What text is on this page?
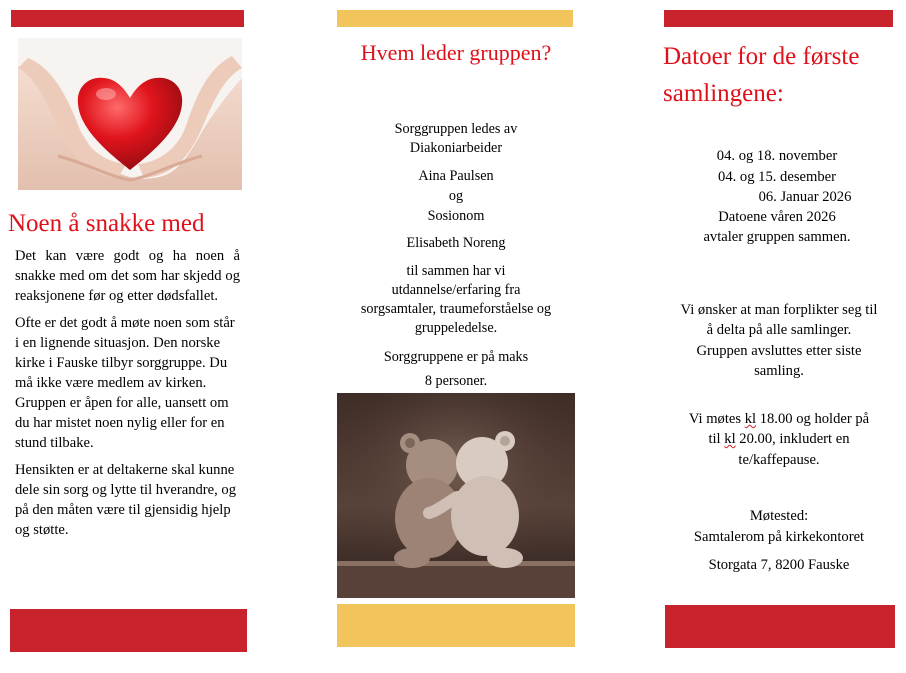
Noen å snakke med

Det kan være godt og ha noen å snakke med om det som har skjedd og reaksjonene før og etter dødsfallet.

Ofte er det godt å møte noen som står i en lignende situasjon. Den norske kirke i Fauske tilbyr sorggruppe. Du må ikke være medlem av kirken. Gruppen er åpen for alle, uansett om du har mistet noen nylig eller for en stund tilbake.

Hensikten er at deltakerne skal kunne dele sin sorg og lytte til hverandre, og på den måten være til gjensidig hjelp og støtte.

Hvem leder gruppen?
Sorggruppen ledes av
Diakoniarbeider
Aina Paulsen
og
Sosionom
Elisabeth Noreng
til sammen har vi
utdannelse/erfaring fra
sorgsamtaler, traumeforståelse og
gruppeledelse.
Sorggruppene er på maks
8 personer.
Datoer for de første samlingene:
04. og 18. november
04. og 15. desember
06. Januar 2026
Datoene våren 2026
avtaler gruppen sammen.
Vi ønsker at man forplikter seg til
å delta på alle samlinger.
Gruppen avsluttes etter siste
samling.
Vi møtes kl 18.00 og holder på
til kl 20.00, inkludert en
te/kaffepause.
Møtested:
Samtalerom på kirkekontoret
Storgata 7, 8200 Fauske
